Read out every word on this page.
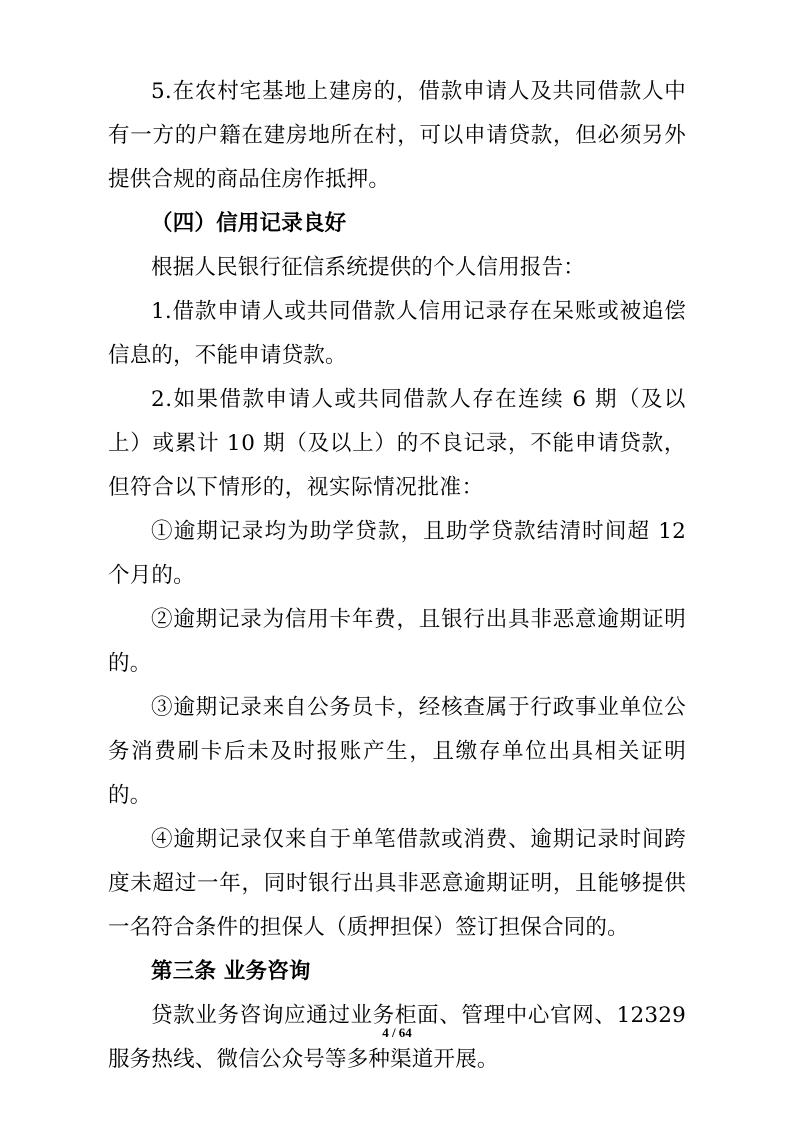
5.在农村宅基地上建房的，借款申请人及共同借款人中有一方的户籍在建房地所在村，可以申请贷款，但必须另外提供合规的商品住房作抵押。

（四）信用记录良好

根据人民银行征信系统提供的个人信用报告：

1.借款申请人或共同借款人信用记录存在呆账或被追偿信息的，不能申请贷款。

2.如果借款申请人或共同借款人存在连续 6 期（及以上）或累计 10 期（及以上）的不良记录，不能申请贷款，但符合以下情形的，视实际情况批准：

①逾期记录均为助学贷款，且助学贷款结清时间超 12 个月的。

②逾期记录为信用卡年费，且银行出具非恶意逾期证明的。

③逾期记录来自公务员卡，经核查属于行政事业单位公务消费刷卡后未及时报账产生，且缴存单位出具相关证明的。

④逾期记录仅来自于单笔借款或消费、逾期记录时间跨度未超过一年，同时银行出具非恶意逾期证明，且能够提供一名符合条件的担保人（质押担保）签订担保合同的。

第三条 业务咨询

贷款业务咨询应通过业务柜面、管理中心官网、12329服务热线、微信公众号等多种渠道开展。

4 / 64
